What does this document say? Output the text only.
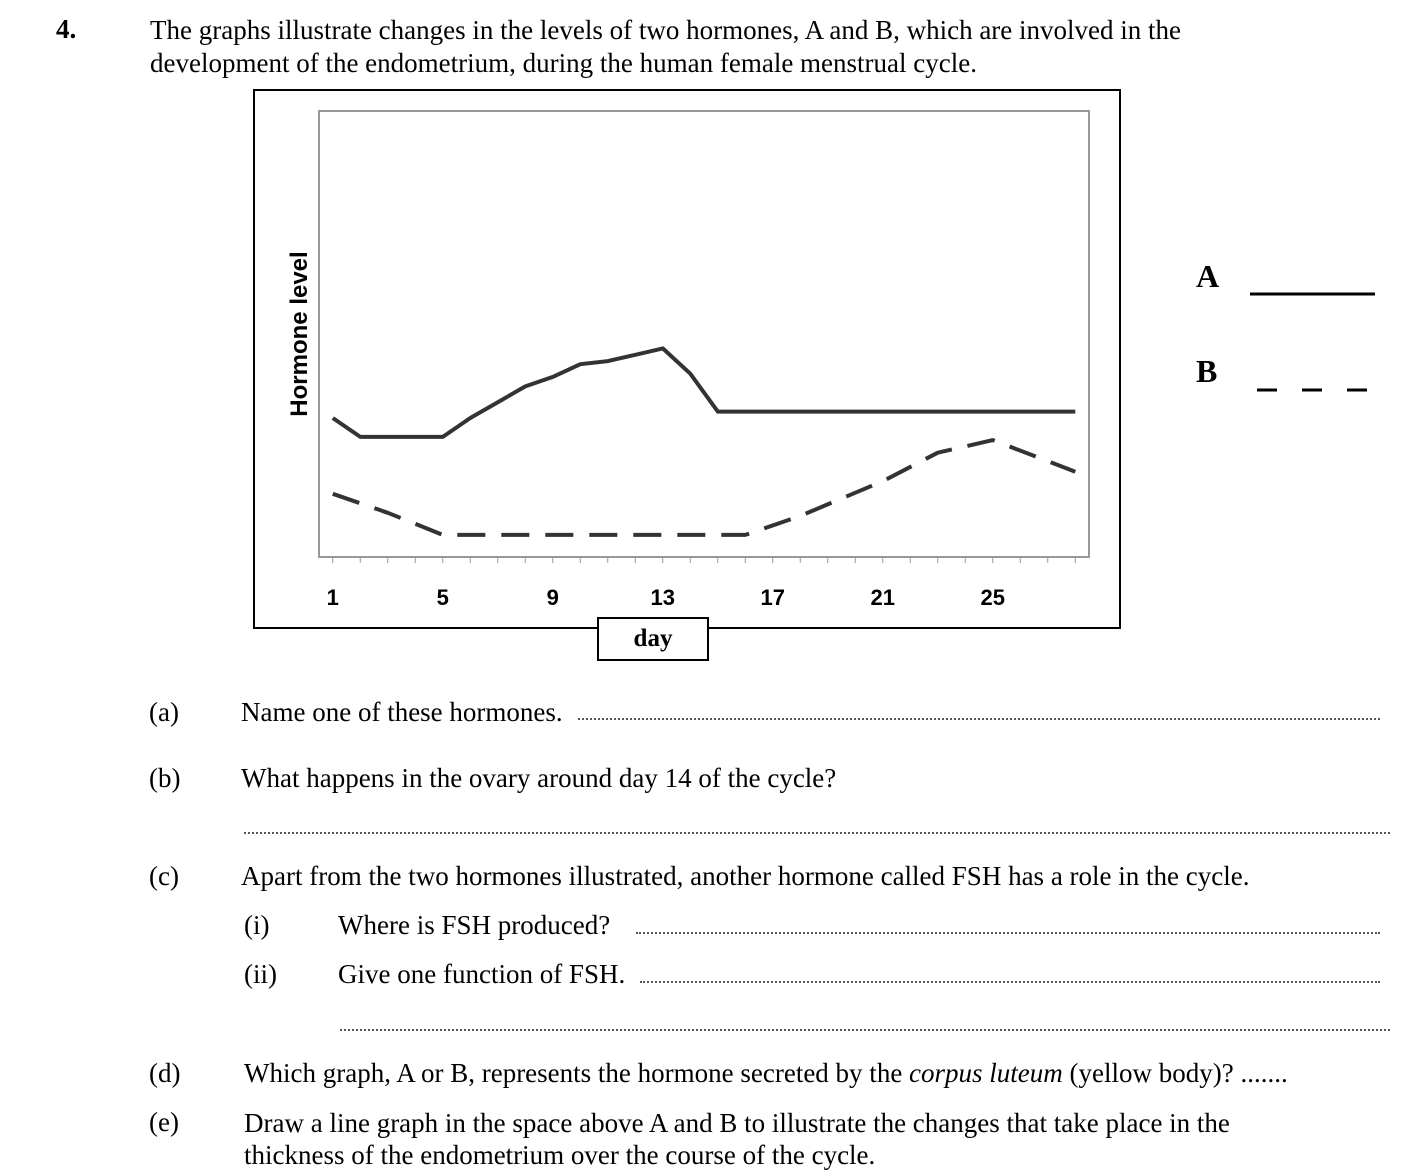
4.	The graphs illustrate changes in the levels of two hormones, A and B, which are involved in the
development of the endometrium, during the human female menstrual cycle.
Hormone level
1	5	9	13	17	21	25
day
A
B
(a) Name one of these hormones.
(b) What happens in the ovary around day 14 of the cycle?
(c) Apart from the two hormones illustrated, another hormone called FSH has a role in the cycle.
(i)	Where is FSH produced?
(ii) Give one function of FSH.
(d) Which graph, A or B, represents the hormone secreted by the corpus luteum (yellow body)? .......
(e) Draw a line graph in the space above A and B to illustrate the changes that take place in the
thickness of the endometrium over the course of the cycle.
